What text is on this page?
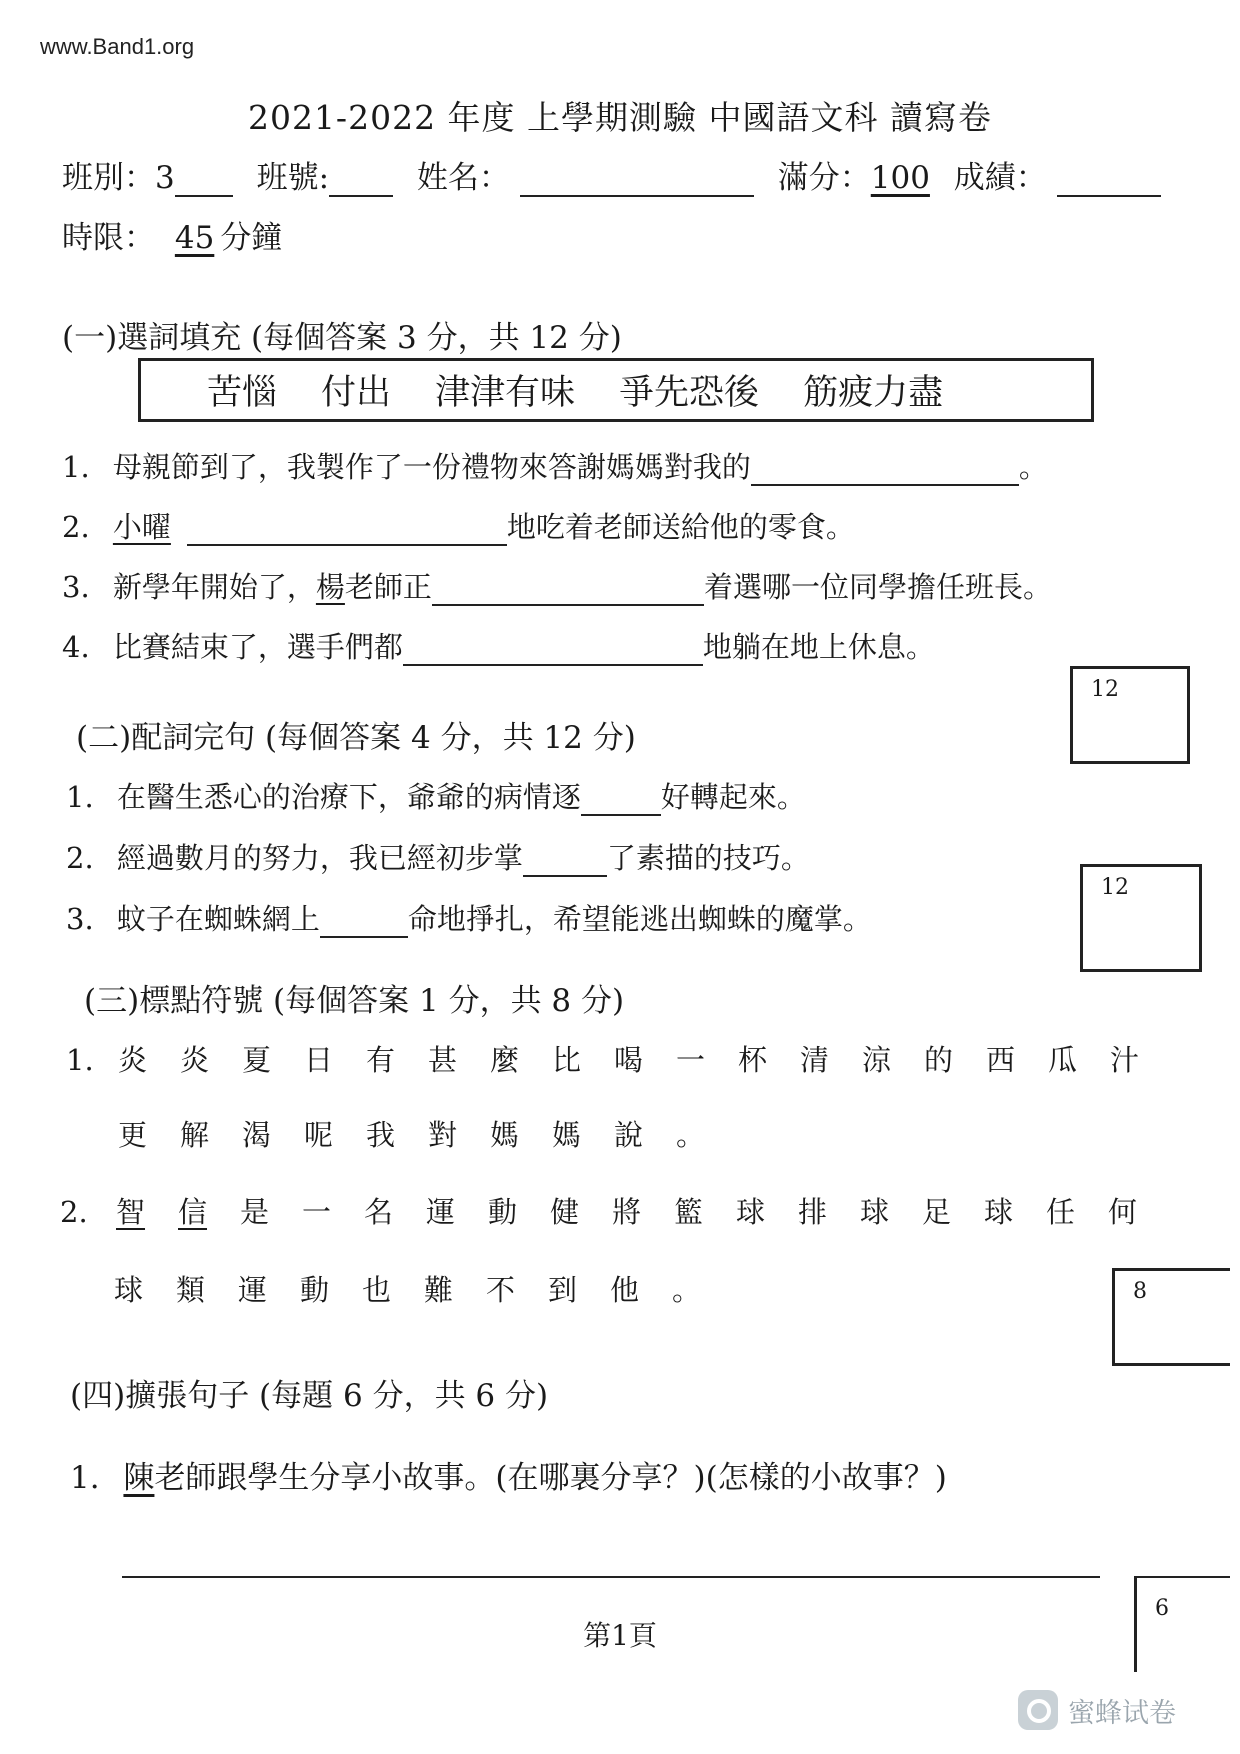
www.Band1.org
2021-2022 年度 上學期測驗 中國語文科 讀寫卷
班別：3	班號:	姓名：	滿分：100 成績：
時限： 45 分鐘
(一)選詞填充 (每個答案 3 分，共 12 分)
苦惱 付出 津津有味 爭先恐後 筋疲力盡
1. 母親節到了，我製作了一份禮物來答謝媽媽對我的	。
2. 小曜	地吃着老師送給他的零食。
3. 新學年開始了，楊老師正	着選哪一位同學擔任班長。
4. 比賽結束了，選手們都	地躺在地上休息。
12
(二)配詞完句 (每個答案 4 分，共 12 分)
1. 在醫生悉心的治療下，爺爺的病情逐	好轉起來。
2. 經過數月的努力，我已經初步掌	了素描的技巧。
3. 蚊子在蜘蛛網上	命地掙扎，希望能逃出蜘蛛的魔掌。
12
(三)標點符號 (每個答案 1 分，共 8 分)
1. 炎 炎 夏 日 有 甚 麼 比 喝 一 杯 清 涼 的 西 瓜 汁
更 解 渴 呢 我 對 媽 媽 說 。
2. 智 信 是 一 名 運 動 健 將 籃 球 排 球 足 球 任 何
球 類 運 動 也 難 不 到 他 。	8
(四)擴張句子 (每題 6 分，共 6 分)
1. 陳老師跟學生分享小故事。(在哪裏分享？)(怎樣的小故事？)
6
第1頁
蜜蜂试卷
